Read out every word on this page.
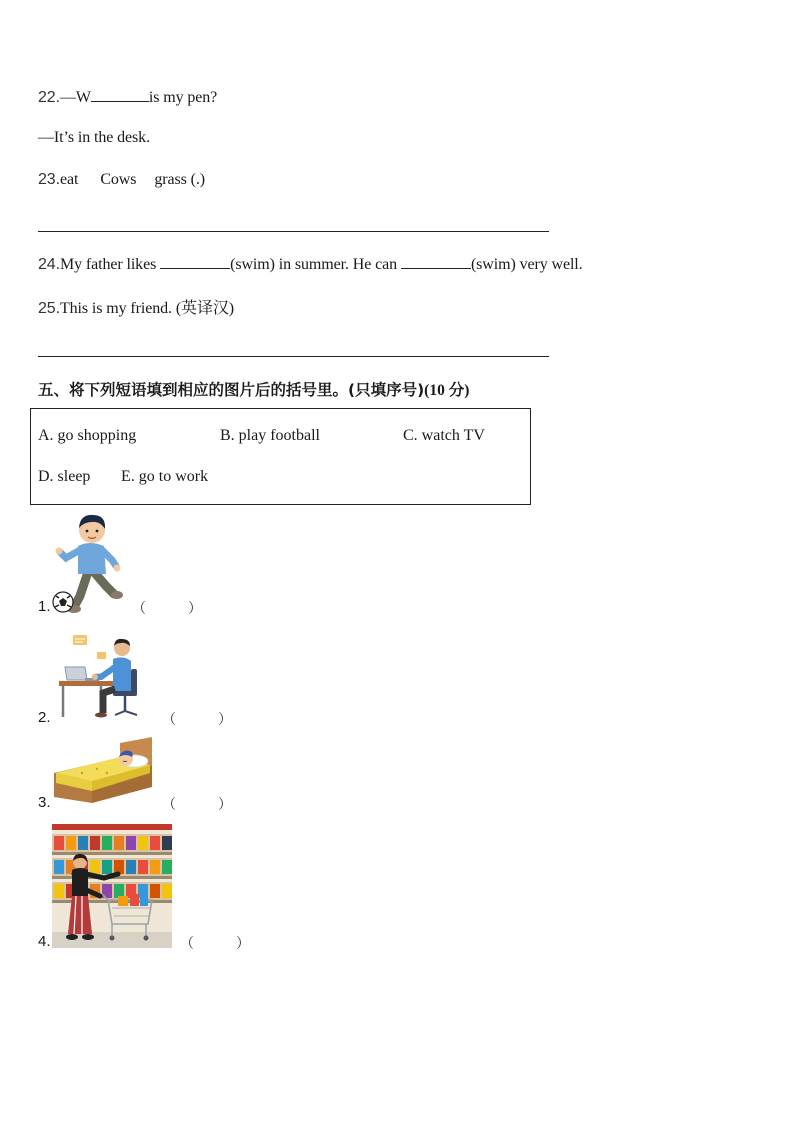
22.—W	is my pen?
—It’s in the desk.
23.eat Cows grass (.)
24.My father likes	(swim) in summer. He can	(swim) very well.
25.This is my friend. (英译汉)
五、将下列短语填到相应的图片后的括号里。(只填序号)(10 分)
A. go shopping	B. play football	C. watch TV
D. sleep E. go to work
1.	（　　　）
2.	（　　　）
3.	（　　　）
4.	（　　　）
